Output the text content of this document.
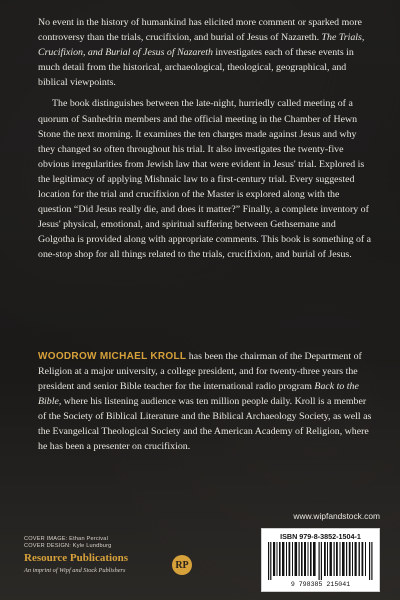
No event in the history of humankind has elicited more comment or sparked more controversy than the trials, crucifixion, and burial of Jesus of Nazareth. The Trials, Crucifixion, and Burial of Jesus of Nazareth investigates each of these events in much detail from the historical, archaeological, theological, geographical, and biblical viewpoints.

The book distinguishes between the late-night, hurriedly called meeting of a quorum of Sanhedrin members and the official meeting in the Chamber of Hewn Stone the next morning. It examines the ten charges made against Jesus and why they changed so often throughout his trial. It also investigates the twenty-five obvious irregularities from Jewish law that were evident in Jesus' trial. Explored is the legitimacy of applying Mishnaic law to a first-century trial. Every suggested location for the trial and crucifixion of the Master is explored along with the question “Did Jesus really die, and does it matter?” Finally, a complete inventory of Jesus' physical, emotional, and spiritual suffering between Gethsemane and Golgotha is provided along with appropriate comments. This book is something of a one-stop shop for all things related to the trials, crucifixion, and burial of Jesus.

WOODROW MICHAEL KROLL has been the chairman of the Department of Religion at a major university, a college president, and for twenty-three years the president and senior Bible teacher for the international radio program Back to the Bible, where his listening audience was ten million people daily. Kroll is a member of the Society of Biblical Literature and the Biblical Archaeology Society, as well as the Evangelical Theological Society and the American Academy of Religion, where he has been a presenter on crucifixion.
www.wipfandstock.com
COVER IMAGE: Ethan Percival
COVER DESIGN: Kyle Lundburg
Resource Publications
An imprint of Wipf and Stock Publishers	RP
ISBN 979-8-3852-1504-1
9 798385 215041
